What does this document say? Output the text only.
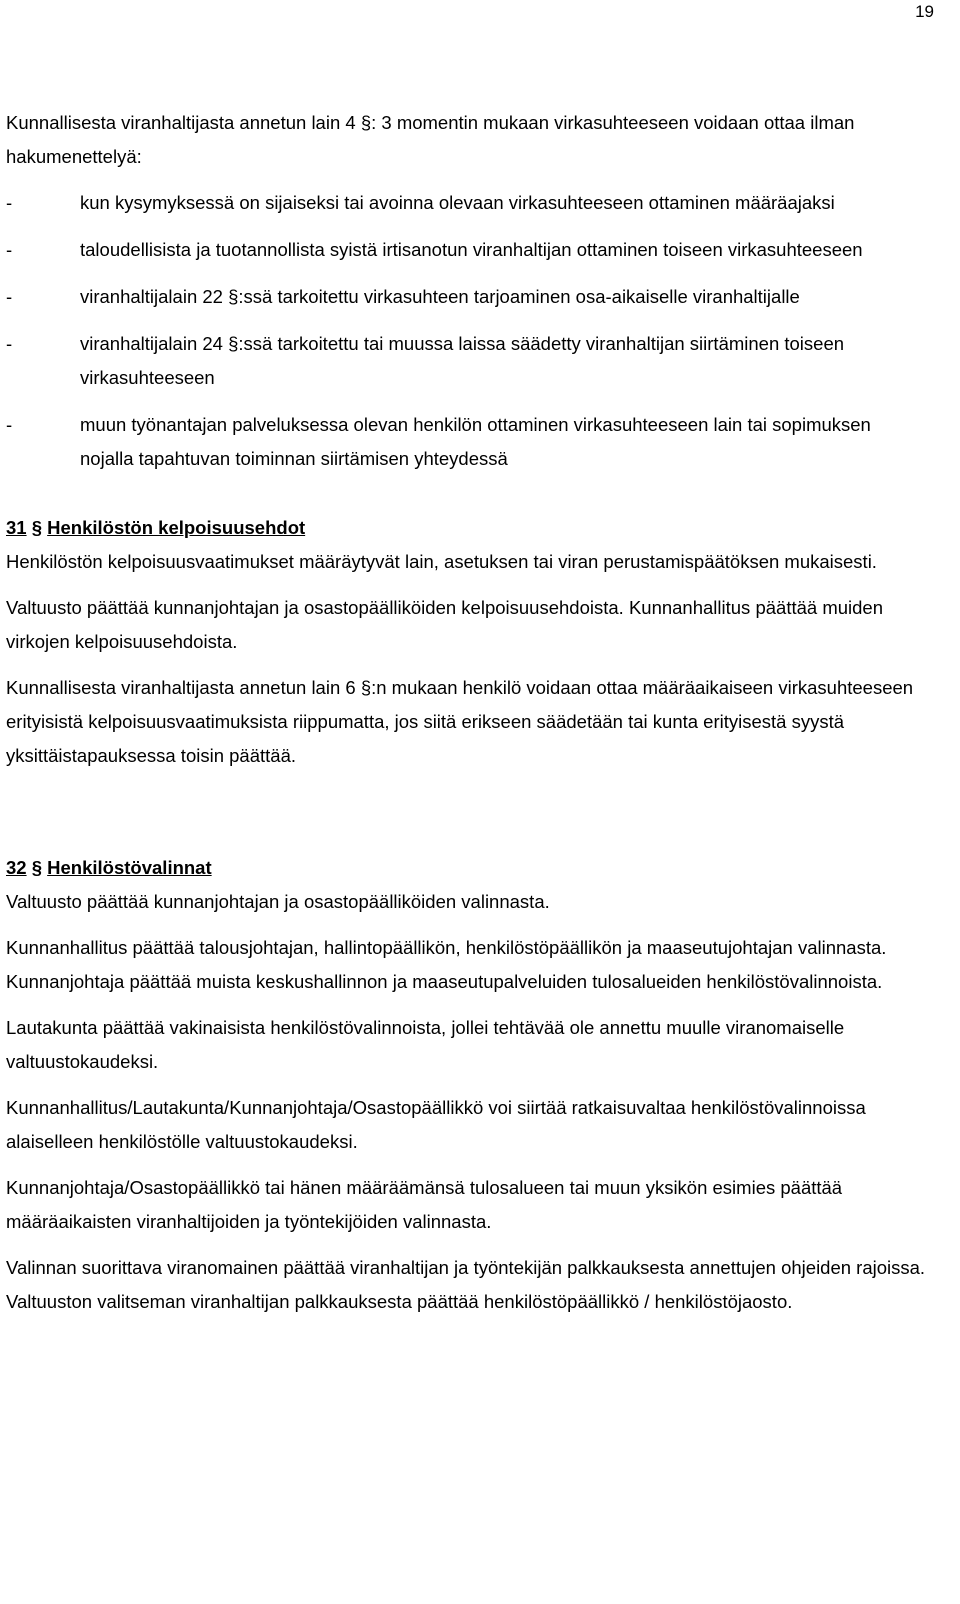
19

Kunnallisesta viranhaltijasta annetun lain 4 §: 3 momentin mukaan virkasuhteeseen voidaan ottaa ilman hakumenettelyä:

-	kun kysymyksessä on sijaiseksi tai avoinna olevaan virkasuhteeseen ottaminen määräajaksi
-	taloudellisista ja tuotannollista syistä irtisanotun viranhaltijan ottaminen toiseen virkasuhteeseen
-	viranhaltijalain 22 §:ssä tarkoitettu virkasuhteen tarjoaminen osa-aikaiselle viranhaltijalle
-	viranhaltijalain 24 §:ssä tarkoitettu tai muussa laissa säädetty viranhaltijan siirtäminen toiseen virkasuhteeseen
-	muun työnantajan palveluksessa olevan henkilön ottaminen virkasuhteeseen lain tai sopimuksen nojalla tapahtuvan toiminnan siirtämisen yhteydessä

31 § Henkilöstön kelpoisuusehdot

Henkilöstön kelpoisuusvaatimukset määräytyvät lain, asetuksen tai viran perustamispäätöksen mukaisesti.

Valtuusto päättää kunnanjohtajan ja osastopäälliköiden kelpoisuusehdoista. Kunnanhallitus päättää muiden virkojen kelpoisuusehdoista.

Kunnallisesta viranhaltijasta annetun lain 6 §:n mukaan henkilö voidaan ottaa määräaikaiseen virkasuhteeseen erityisistä kelpoisuusvaatimuksista riippumatta, jos siitä erikseen säädetään tai kunta erityisestä syystä yksittäistapauksessa toisin päättää.

32 § Henkilöstövalinnat

Valtuusto päättää kunnanjohtajan ja osastopäälliköiden valinnasta.

Kunnanhallitus päättää talousjohtajan, hallintopäällikön, henkilöstöpäällikön ja maaseutujohtajan valinnasta. Kunnanjohtaja päättää muista keskushallinnon ja maaseutupalveluiden tulosalueiden henkilöstövalinnoista.

Lautakunta päättää vakinaisista henkilöstövalinnoista, jollei tehtävää ole annettu muulle viranomaiselle valtuustokaudeksi.

Kunnanhallitus/Lautakunta/Kunnanjohtaja/Osastopäällikkö voi siirtää ratkaisuvaltaa henkilöstövalinnoissa alaiselleen henkilöstölle valtuustokaudeksi.

Kunnanjohtaja/Osastopäällikkö tai hänen määräämänsä tulosalueen tai muun yksikön esimies päättää määräaikaisten viranhaltijoiden ja työntekijöiden valinnasta.

Valinnan suorittava viranomainen päättää viranhaltijan ja työntekijän palkkauksesta annettujen ohjeiden rajoissa. Valtuuston valitseman viranhaltijan palkkauksesta päättää henkilöstöpäällikkö / henkilöstöjaosto.
